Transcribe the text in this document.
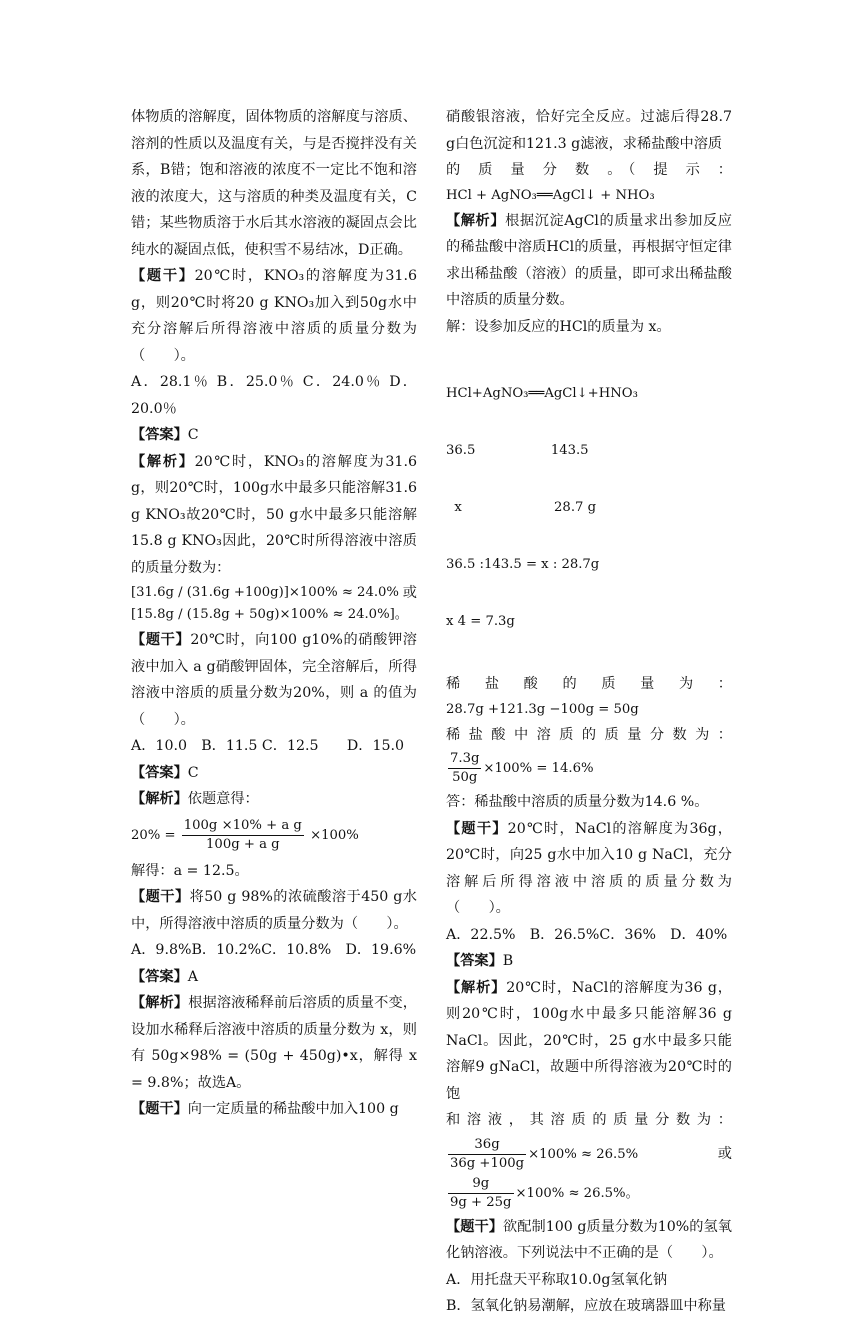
体物质的溶解度，固体物质的溶解度与溶质、溶剂的性质以及温度有关，与是否搅拌没有关系，B错；饱和溶液的浓度不一定比不饱和溶液的浓度大，这与溶质的种类及温度有关，C错；某些物质溶于水后其水溶液的凝固点会比纯水的凝固点低，使积雪不易结冰，D正确。

【题干】20℃时，KNO₃的溶解度为31.6 g，则20℃时将20 g KNO₃加入到50g水中充分溶解后所得溶液中溶质的质量分数为（　　）。

A．28.1％ B．25.0％ C．24.0％ D．20.0％

【答案】C

【解析】20℃时，KNO₃的溶解度为31.6 g，则20℃时，100g水中最多只能溶解31.6 g KNO₃故20℃时，50 g水中最多只能溶解15.8 g KNO₃因此，20℃时所得溶液中溶质的质量分数为：

[31.6g / (31.6g +100g)]×100% ≈ 24.0% 或
[15.8g / (15.8g + 50g)×100% ≈ 24.0%]。

【题干】20℃时，向100 g10%的硝酸钾溶液中加入 a g硝酸钾固体，完全溶解后，所得溶液中溶质的质量分数为20%，则 a 的值为（　　）。

A．10.0　B．11.5 C．12.5　　D．15.0

【答案】C

【解析】依题意得：

$20\% = \frac{\text{100g ×10\% + a g}}{\text{100g + a g}} \times 100\%$

解得：a = 12.5。

【题干】将50 g 98%的浓硫酸溶于450 g水中，所得溶液中溶质的质量分数为（　　）。

A．9.8%B．10.2%C．10.8%　D．19.6%

【答案】A

【解析】根据溶液稀释前后溶质的质量不变，设加水稀释后溶液中溶质的质量分数为 x，则有 50g×98% = (50g + 450g)•x，解得 x = 9.8%；故选A。

【题干】向一定质量的稀盐酸中加入100 g

硝酸银溶液，恰好完全反应。过滤后得28.7 g白色沉淀和121.3 g滤液，求稀盐酸中溶质

的 质 量 分 数 。（ 提 示 ：

HCl + AgNO₃══AgCl↓ + NHO₃

【解析】根据沉淀AgCl的质量求出参加反应的稀盐酸中溶质HCl的质量，再根据守恒定律求出稀盐酸（溶液）的质量，即可求出稀盐酸中溶质的质量分数。

解：设参加反应的HCl的质量为 x。

HCl+AgNO₃══AgCl↓+HNO₃

36.5                  143.5

x                      28.7 g

36.5 :143.5 = x : 28.7g

x 4 = 7.3g

稀 盐 酸 的 质 量 为 ：

28.7g +121.3g −100g = 50g

稀 盐 酸 中 溶 质 的 质 量 分 数 为 ：

$\frac{7.3g}{50g} \times 100\% = 14.6\%$

答：稀盐酸中溶质的质量分数为14.6 %。

【题干】20℃时，NaCl的溶解度为36g，20℃时，向25 g水中加入10 g NaCl，充分溶解后所得溶液中溶质的质量分数为（　　）。

A．22.5%　B．26.5%C．36%　D．40%

【答案】B

【解析】20℃时，NaCl的溶解度为36 g，则20℃时，100g水中最多只能溶解36 g NaCl。因此，20℃时，25 g水中最多只能溶解9 gNaCl，故题中所得溶液为20℃时的饱

和 溶 液 ， 其 溶 质 的 质 量 分 数 为 ：

$\frac{36g}{36g +100g} \times 100\% \approx 26.5\%$	或
$\frac{9g}{9g + 25g} \times 100\% \approx 26.5\%$。

【题干】欲配制100 g质量分数为10%的氢氧化钠溶液。下列说法中不正确的是（　　）。

A．用托盘天平称取10.0g氢氧化钠

B．氢氧化钠易潮解，应放在玻璃器皿中称量
